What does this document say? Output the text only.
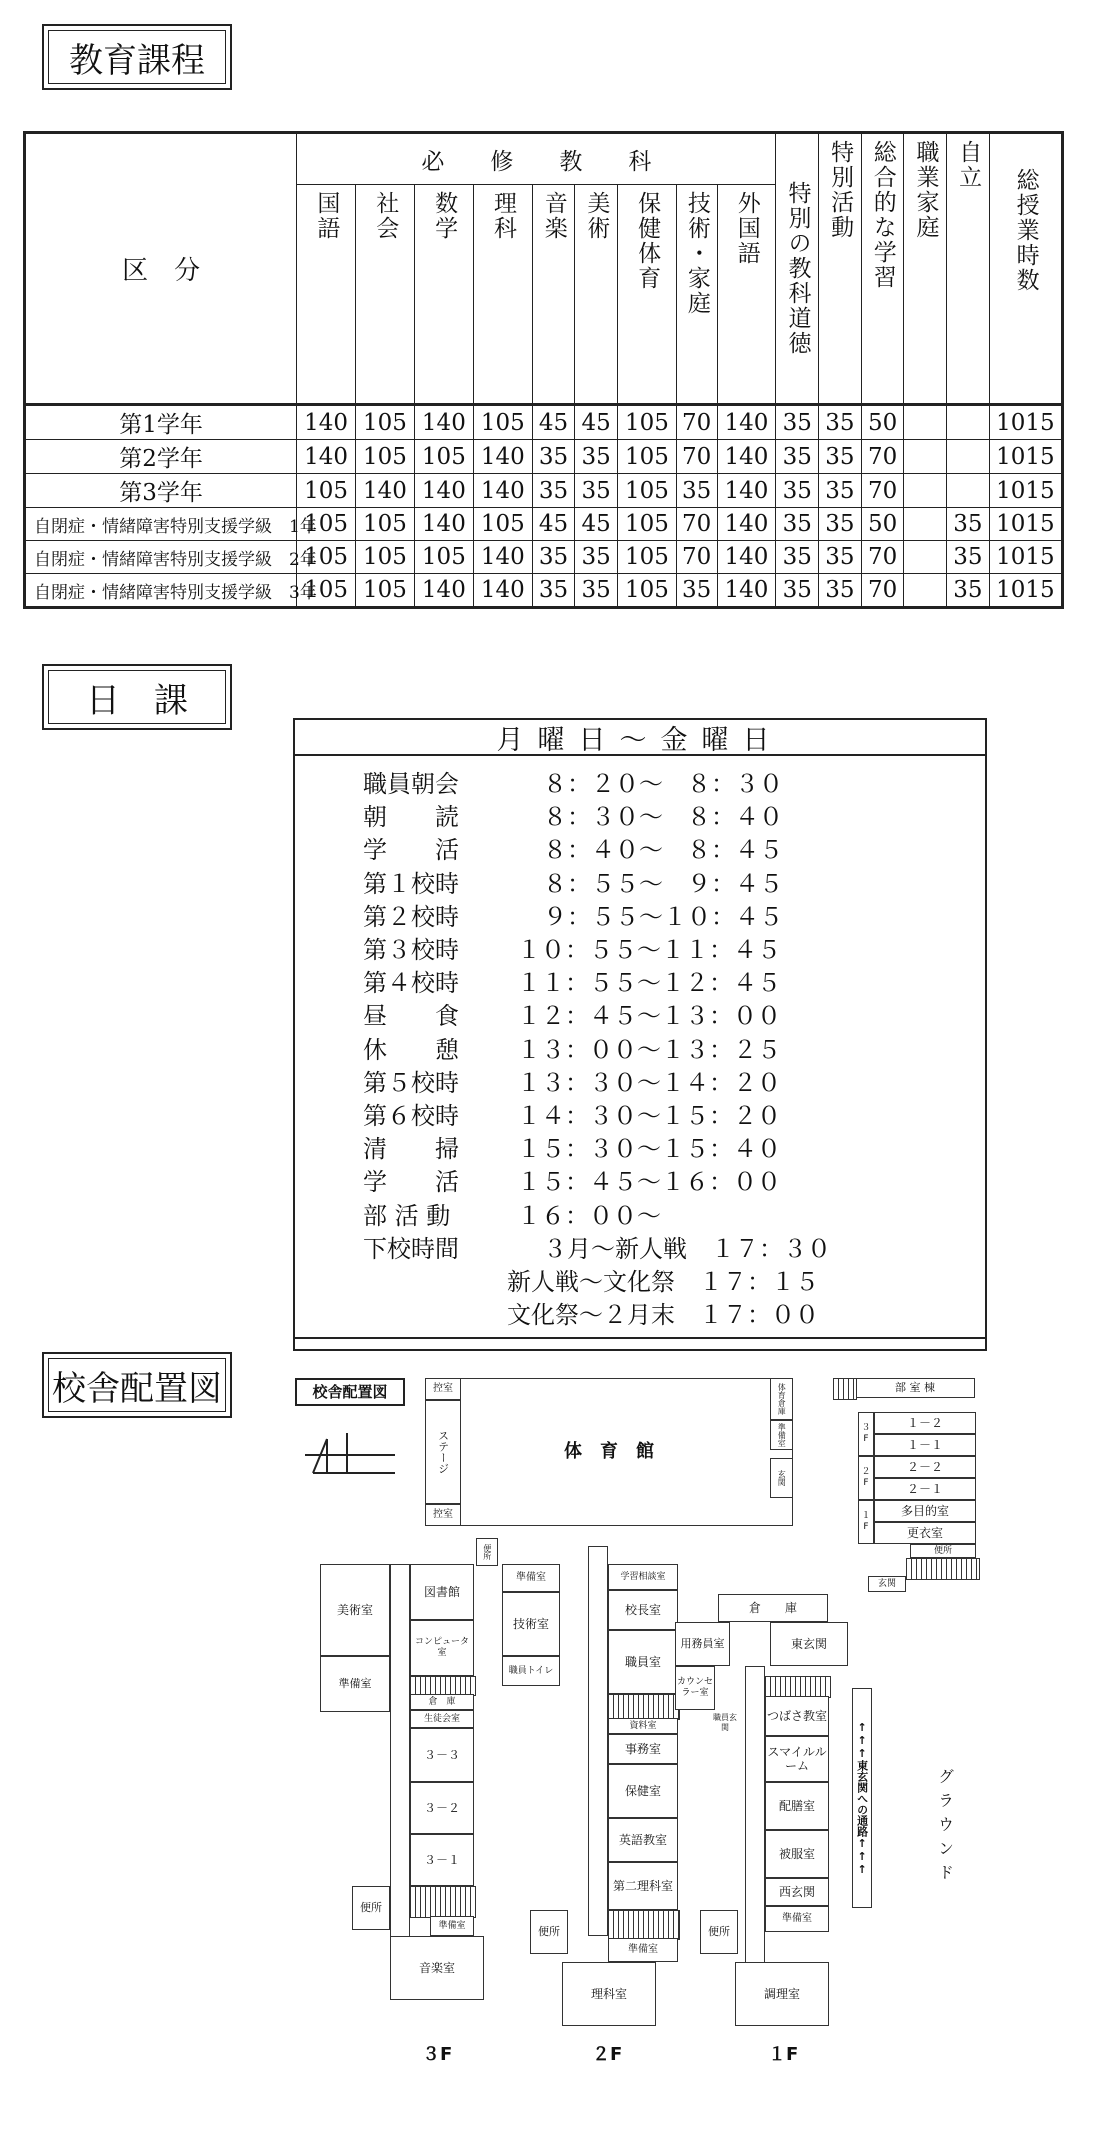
教育課程
日　課
校舎配置図
区　分	必　　修　　教　　科									特別の教科道徳	特別活動	総合的な学習	職業家庭	自立	総授業時数
	国語	社会	数学	理科	音楽	美術	保健体育	技術・家庭	外国語						
第1学年	140	105	140	105	45	45	105	70	140	35	35	50			1015
第2学年	140	105	105	140	35	35	105	70	140	35	35	70			1015
第3学年	105	140	140	140	35	35	105	35	140	35	35	70			1015
自閉症・情緒障害特別支援学級　1年	105	105	140	105	45	45	105	70	140	35	35	50		35	1015
自閉症・情緒障害特別支援学級　2年	105	105	105	140	35	35	105	70	140	35	35	70		35	1015
自閉症・情緒障害特別支援学級　3年	105	105	140	140	35	35	105	35	140	35	35	70		35	1015
月曜日～金曜日
職員朝会	８：２０～　８：３０
朝　　読	８：３０～　８：４０
学　　活	８：４０～　８：４５
第１校時	８：５５～　９：４５
第２校時	９：５５～１０：４５
第３校時 １０：５５～１１：４５
第４校時 １１：５５～１２：４５
昼　　食 １２：４５～１３：００
休　　憩 １３：００～１３：２５
第５校時 １３：３０～１４：２０
第６校時 １４：３０～１５：２０
清　　掃 １５：３０～１５：４０
学　　活 １５：４５～１６：００
部 活 動	１６：００～
下校時間	３月～新人戦　１７：３０
新人戦～文化祭　１７：１５
文化祭～２月末　１７：００
校舎配置図
体　育　館
控室
ステージ
控室
体育倉庫
準備室
玄関
便所
部 室 棟
３F
２F
１F
１－２
１－１
２－２
２－１
多目的室
更衣室
便所
玄関
美術室
準備室
図書館
コンピュータ室
倉　庫
生徒会室
３－３
３－２
３－１
便所
準備室
音楽室
準備室
技術室
職員トイレ
学習相談室
校長室
職員室
資料室
事務室
保健室
英語教室
第二理科室
便所
準備室
理科室
倉　　庫
用務員室	東玄関
カウンセラー室
職員玄関
つばさ教室
スマイルルーム
配膳室
被服室
西玄関
準備室
便所
調理室
↑↑↑東玄関への通路↑↑↑	グラウンド
３F	２F	１F
